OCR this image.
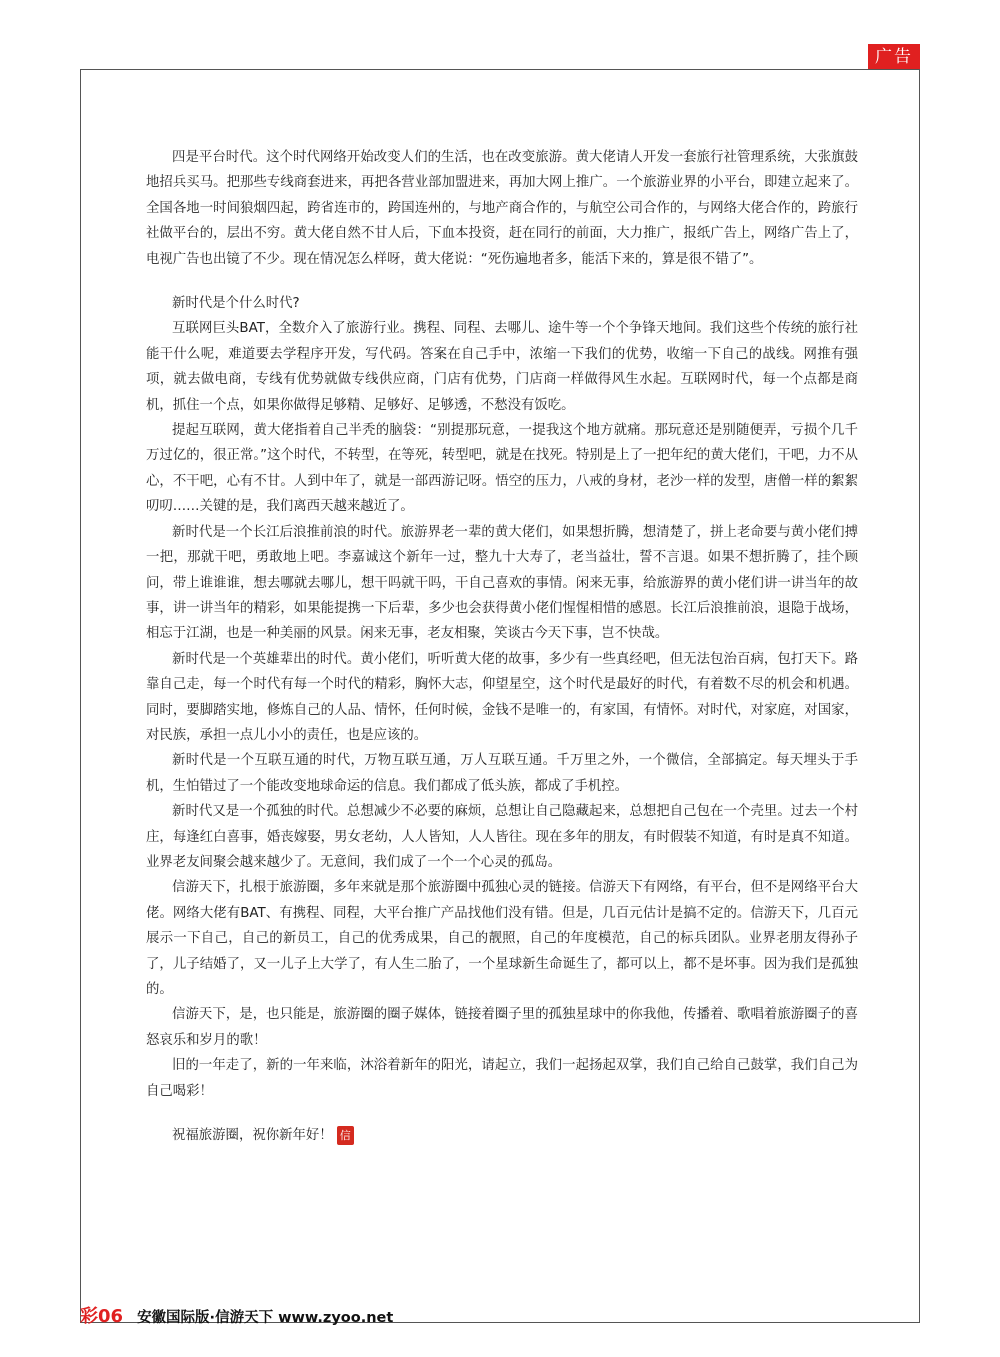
广告

四是平台时代。这个时代网络开始改变人们的生活，也在改变旅游。黄大佬请人开发一套旅行社管理系统，大张旗鼓地招兵买马。把那些专线商套进来，再把各营业部加盟进来，再加大网上推广。一个旅游业界的小平台，即建立起来了。全国各地一时间狼烟四起，跨省连市的，跨国连州的，与地产商合作的，与航空公司合作的，与网络大佬合作的，跨旅行社做平台的，层出不穷。黄大佬自然不甘人后，下血本投资，赶在同行的前面，大力推广，报纸广告上，网络广告上了，电视广告也出镜了不少。现在情况怎么样呀，黄大佬说：“死伤遍地者多，能活下来的，算是很不错了”。

新时代是个什么时代?

互联网巨头BAT，全数介入了旅游行业。携程、同程、去哪儿、途牛等一个个争锋天地间。我们这些个传统的旅行社能干什么呢，难道要去学程序开发，写代码。答案在自己手中，浓缩一下我们的优势，收缩一下自己的战线。网推有强项，就去做电商，专线有优势就做专线供应商，门店有优势，门店商一样做得风生水起。互联网时代，每一个点都是商机，抓住一个点，如果你做得足够精、足够好、足够透，不愁没有饭吃。

提起互联网，黄大佬指着自己半秃的脑袋：“别提那玩意，一提我这个地方就痛。那玩意还是别随便弄，亏损个几千万过亿的，很正常。”这个时代，不转型，在等死，转型吧，就是在找死。特别是上了一把年纪的黄大佬们，干吧，力不从心，不干吧，心有不甘。人到中年了，就是一部西游记呀。悟空的压力，八戒的身材，老沙一样的发型，唐僧一样的絮絮叨叨……关键的是，我们离西天越来越近了。

新时代是一个长江后浪推前浪的时代。旅游界老一辈的黄大佬们，如果想折腾，想清楚了，拼上老命要与黄小佬们搏一把，那就干吧，勇敢地上吧。李嘉诚这个新年一过，整九十大寿了，老当益壮，誓不言退。如果不想折腾了，挂个顾问，带上谁谁谁，想去哪就去哪儿，想干吗就干吗，干自己喜欢的事情。闲来无事，给旅游界的黄小佬们讲一讲当年的故事，讲一讲当年的精彩，如果能提携一下后辈，多少也会获得黄小佬们惺惺相惜的感恩。长江后浪推前浪，退隐于战场，相忘于江湖，也是一种美丽的风景。闲来无事，老友相聚，笑谈古今天下事，岂不快哉。

新时代是一个英雄辈出的时代。黄小佬们，听听黄大佬的故事，多少有一些真经吧，但无法包治百病，包打天下。路靠自己走，每一个时代有每一个时代的精彩，胸怀大志，仰望星空，这个时代是最好的时代，有着数不尽的机会和机遇。同时，要脚踏实地，修炼自己的人品、情怀，任何时候，金钱不是唯一的，有家国，有情怀。对时代，对家庭，对国家，对民族，承担一点儿小小的责任，也是应该的。

新时代是一个互联互通的时代，万物互联互通，万人互联互通。千万里之外，一个微信，全部搞定。每天埋头于手机，生怕错过了一个能改变地球命运的信息。我们都成了低头族，都成了手机控。

新时代又是一个孤独的时代。总想减少不必要的麻烦，总想让自己隐藏起来，总想把自己包在一个壳里。过去一个村庄，每逢红白喜事，婚丧嫁娶，男女老幼，人人皆知，人人皆往。现在多年的朋友，有时假装不知道，有时是真不知道。业界老友间聚会越来越少了。无意间，我们成了一个一个心灵的孤岛。

信游天下，扎根于旅游圈，多年来就是那个旅游圈中孤独心灵的链接。信游天下有网络，有平台，但不是网络平台大佬。网络大佬有BAT、有携程、同程，大平台推广产品找他们没有错。但是，几百元估计是搞不定的。信游天下，几百元展示一下自己，自己的新员工，自己的优秀成果，自己的靓照，自己的年度模范，自己的标兵团队。业界老朋友得孙子了，儿子结婚了，又一儿子上大学了，有人生二胎了，一个星球新生命诞生了，都可以上，都不是坏事。因为我们是孤独的。

信游天下，是，也只能是，旅游圈的圈子媒体，链接着圈子里的孤独星球中的你我他，传播着、歌唱着旅游圈子的喜怒哀乐和岁月的歌！

旧的一年走了，新的一年来临，沐浴着新年的阳光，请起立，我们一起扬起双掌，我们自己给自己鼓掌，我们自己为自己喝彩！

祝福旅游圈，祝你新年好！ 信

彩06 安徽国际版·信游天下 www.zyoo.net
